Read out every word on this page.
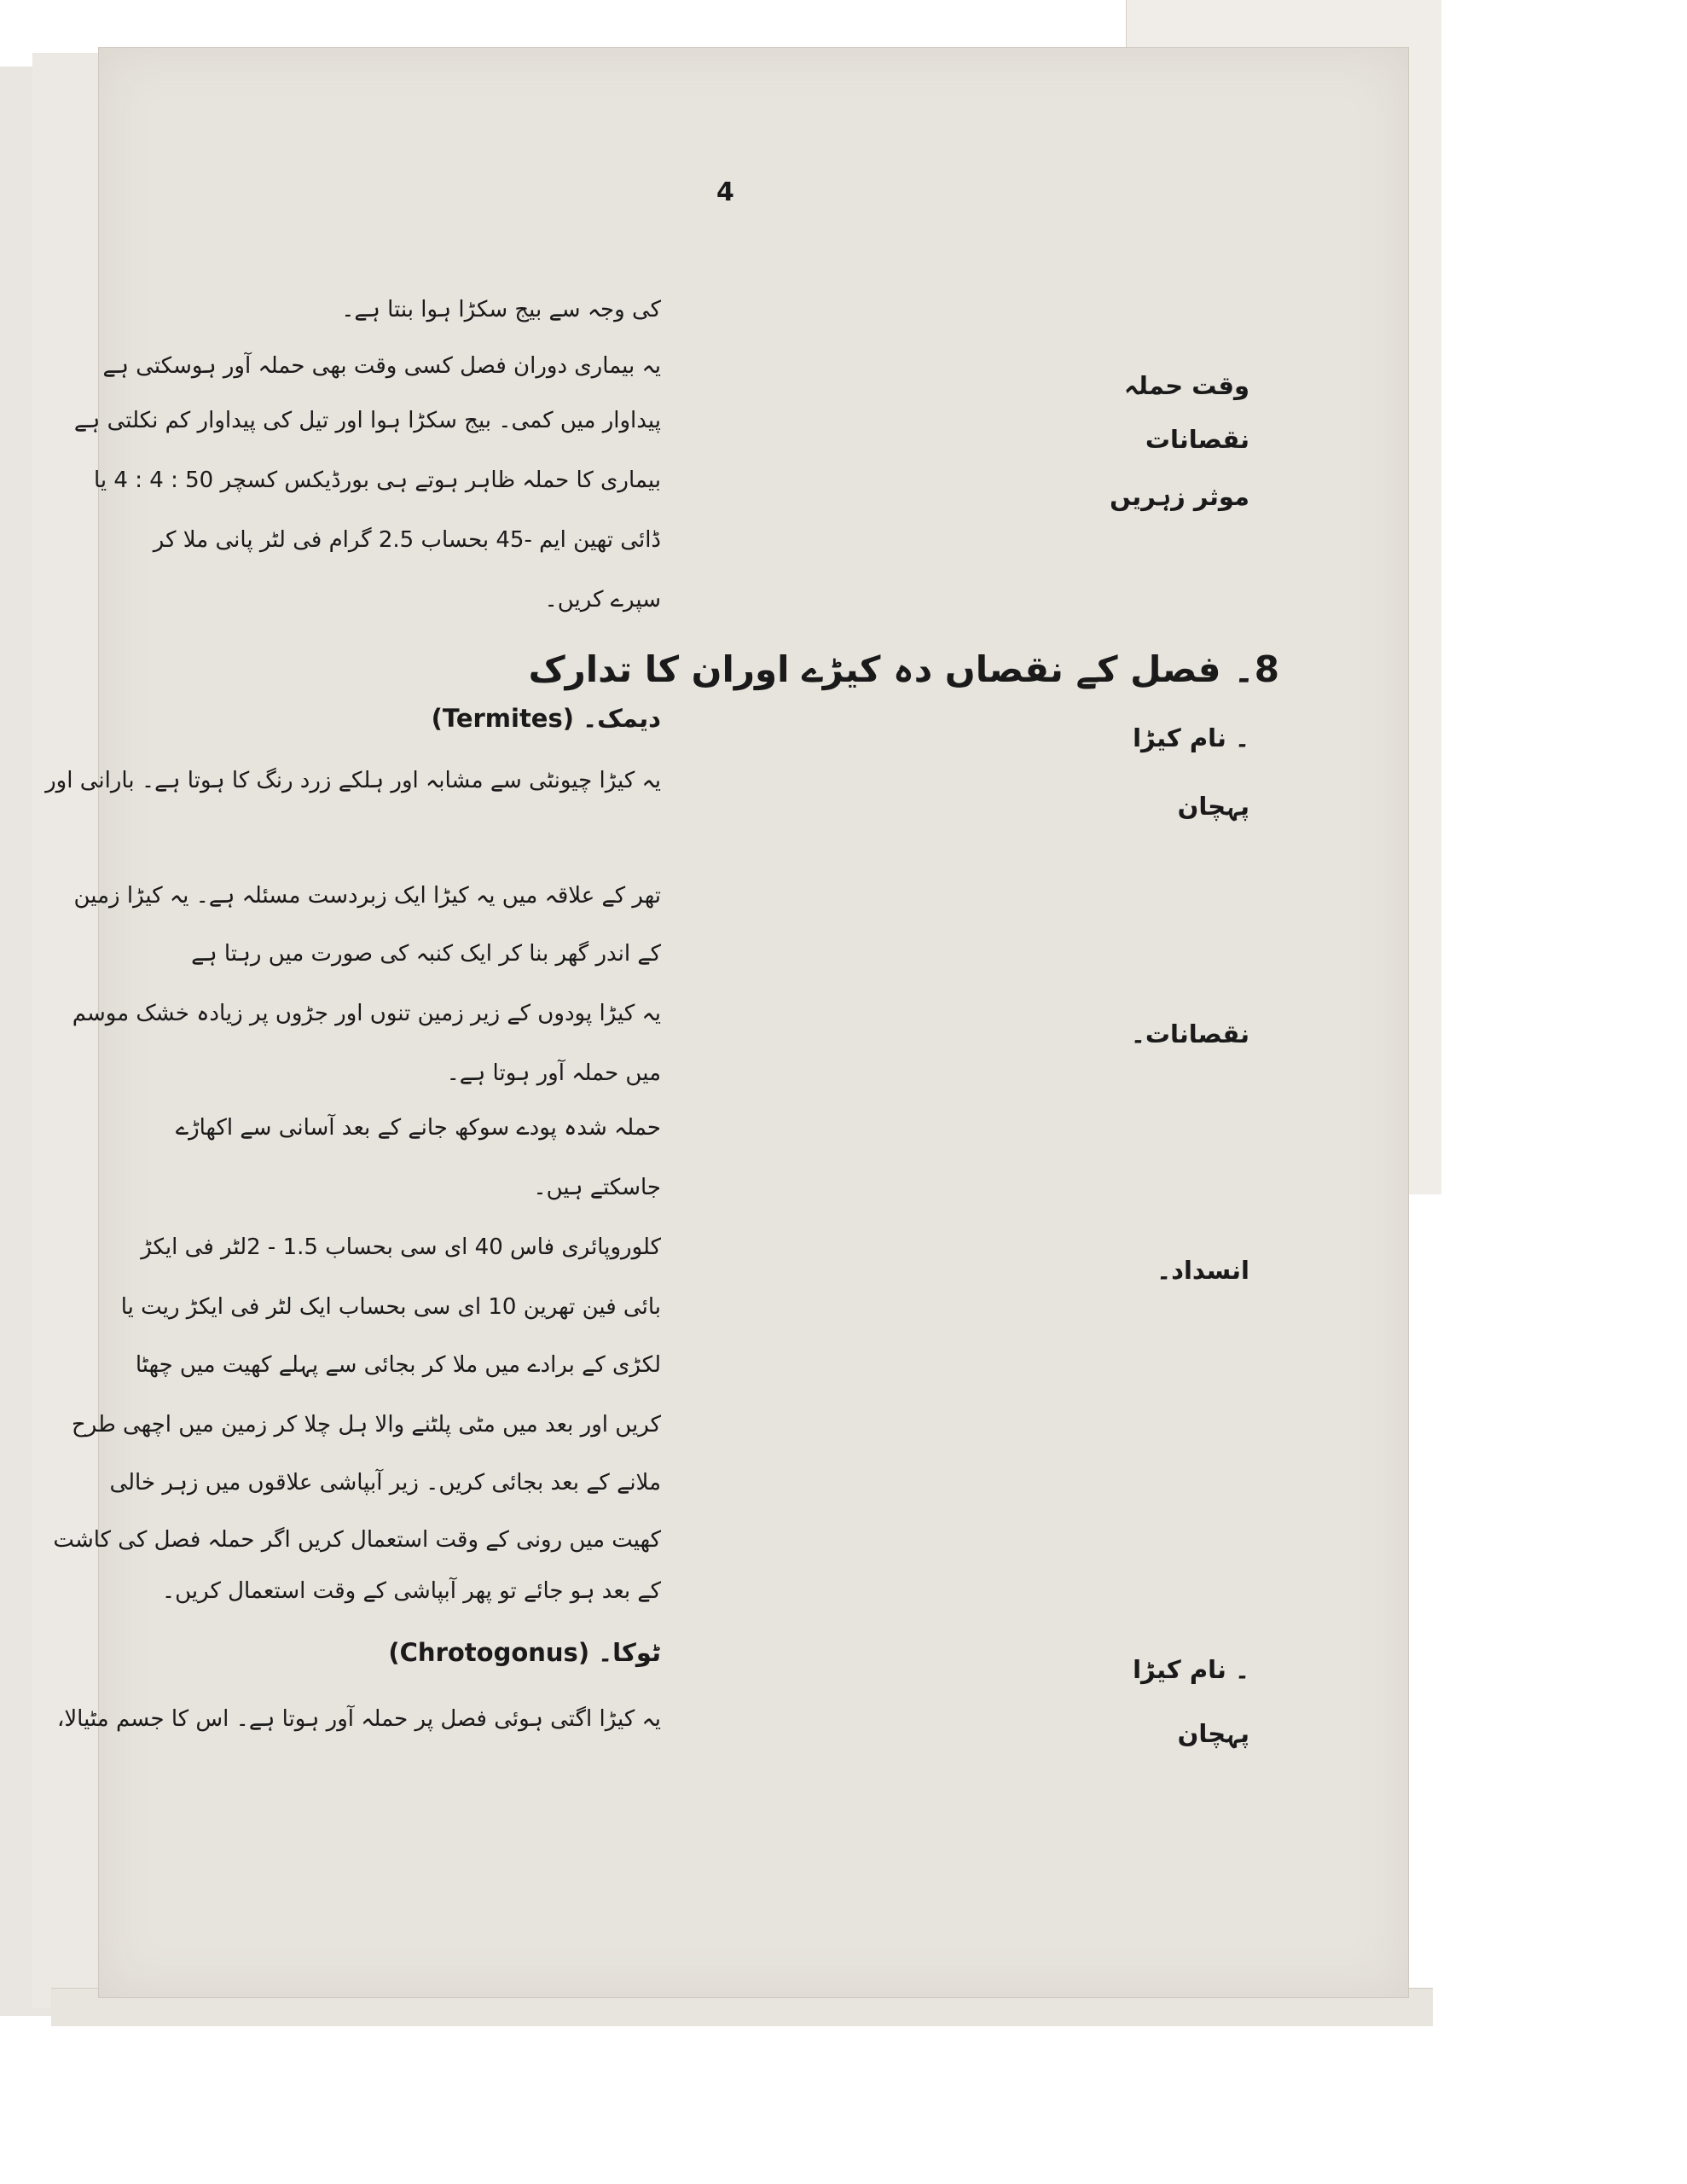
4
کی وجہ سے بیج سکڑا ہوا بنتا ہے۔
یہ بیماری دوران فصل کسی وقت بھی حملہ آور ہوسکتی ہے
پیداوار میں کمی۔ بیج سکڑا ہوا اور تیل کی پیداوار کم نکلتی ہے
بیماری کا حملہ ظاہر ہوتے ہی بورڈیکس کسچر 50 : 4 : 4 یا
ڈائی تھین ایم -45 بحساب 2.5 گرام فی لٹر پانی ملا کر
سپرے کریں۔
دیمک۔ (Termites)
یہ کیڑا چیونٹی سے مشابہ اور ہلکے زرد رنگ کا ہوتا ہے۔ بارانی اور
تھر کے علاقہ میں یہ کیڑا ایک زبردست مسئلہ ہے۔ یہ کیڑا زمین
کے اندر گھر بنا کر ایک کنبہ کی صورت میں رہتا ہے
یہ کیڑا پودوں کے زیر زمین تنوں اور جڑوں پر زیادہ خشک موسم
میں حملہ آور ہوتا ہے۔
حملہ شدہ پودے سوکھ جانے کے بعد آسانی سے اکھاڑے
جاسکتے ہیں۔
کلوروپائری فاس 40 ای سی بحساب 1.5 - 2لٹر فی ایکڑ
بائی فین تھرین 10 ای سی بحساب ایک لٹر فی ایکڑ ریت یا
لکڑی کے برادے میں ملا کر بجائی سے پہلے کھیت میں چھٹا
کریں اور بعد میں مٹی پلٹنے والا ہل چلا کر زمین میں اچھی طرح
ملانے کے بعد بجائی کریں۔ زیر آبپاشی علاقوں میں زہر خالی
کھیت میں رونی کے وقت استعمال کریں اگر حملہ فصل کی کاشت
کے بعد ہو جائے تو پھر آبپاشی کے وقت استعمال کریں۔
ٹوکا۔ (Chrotogonus)
یہ کیڑا اگتی ہوئی فصل پر حملہ آور ہوتا ہے۔ اس کا جسم مٹیالا،
8۔ فصل کے نقصاں دہ کیڑے اوران کا تدارک
وقت حملہ
نقصانات
موثر زہریں
۔ نام کیڑا
پہچان
نقصانات۔
انسداد۔
۔ نام کیڑا
پہچان
